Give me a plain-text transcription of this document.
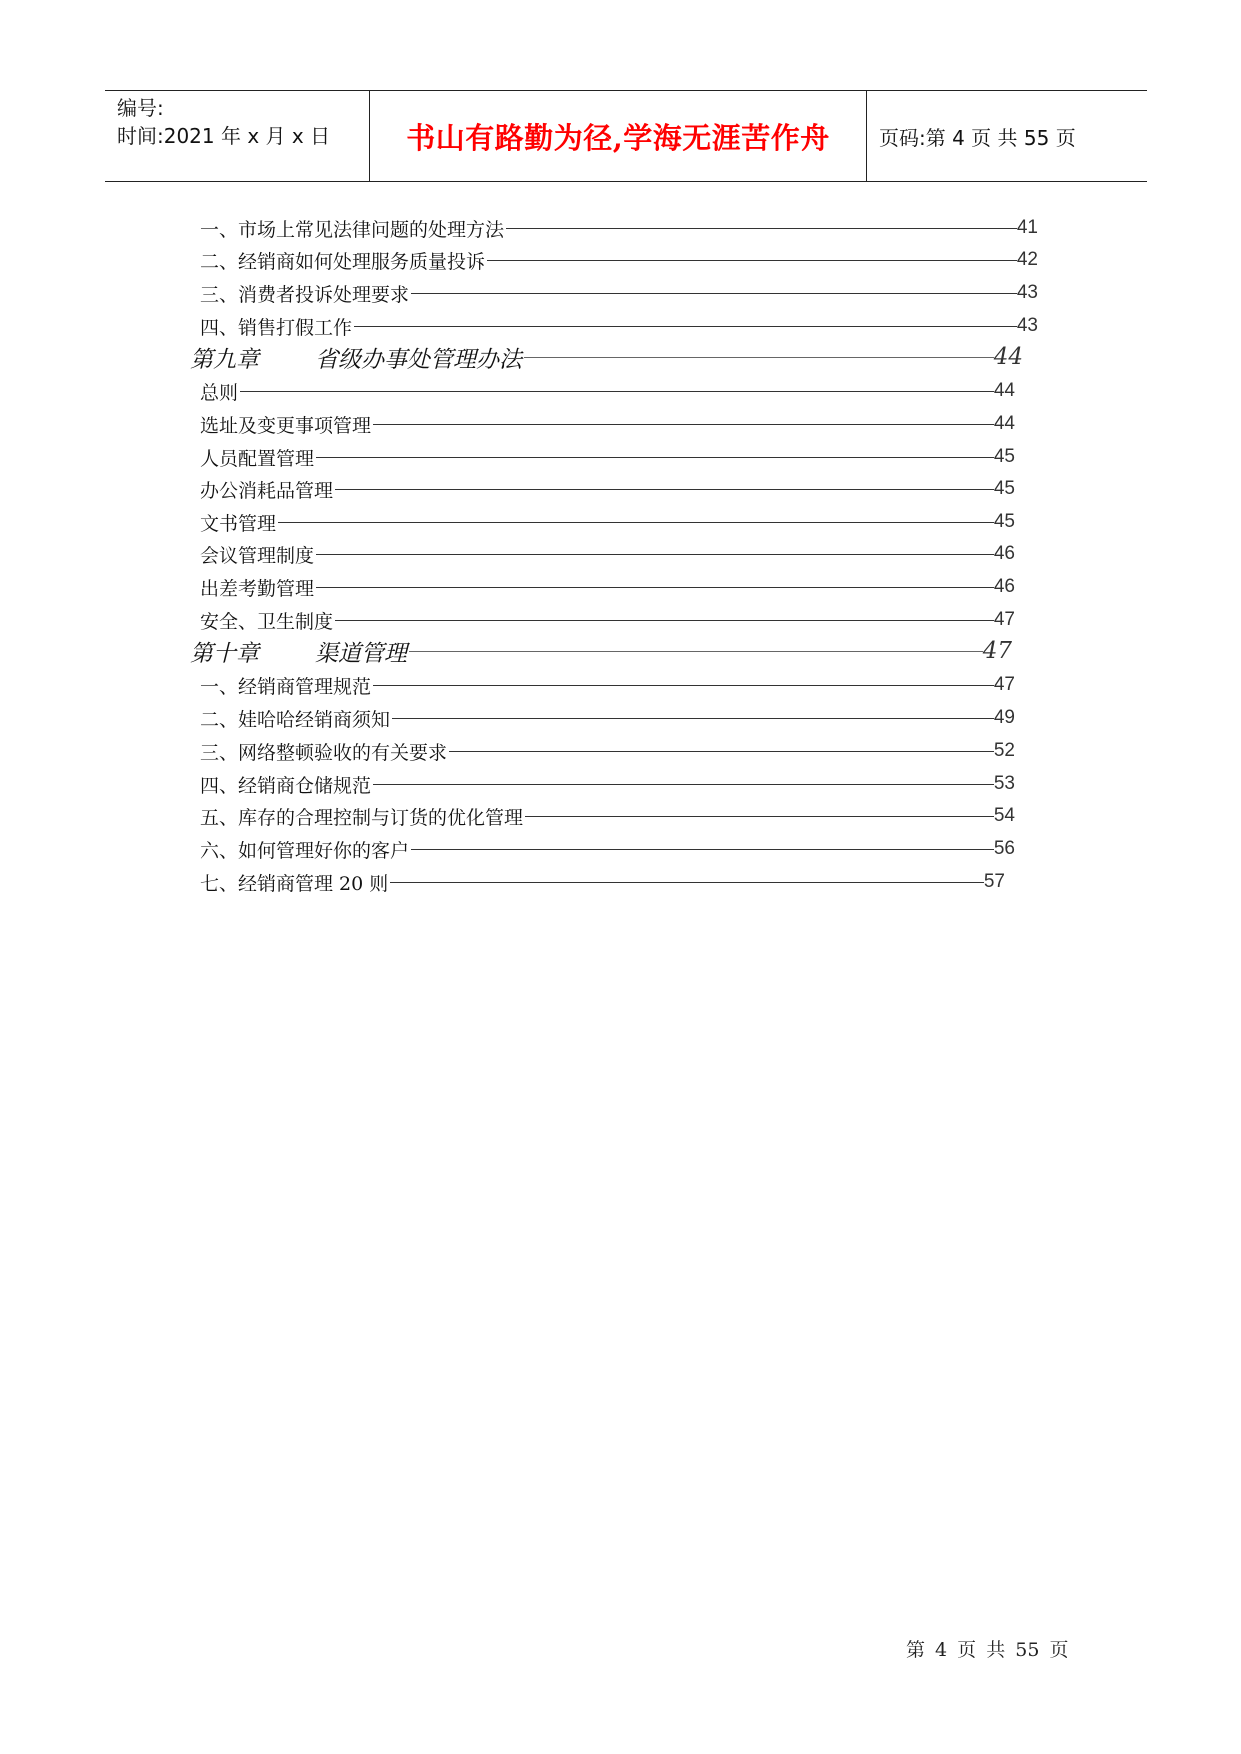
编号:
时间:2021 年 x 月 x 日	书山有路勤为径,学海无涯苦作舟 页码:第 4 页 共 55 页
一、市场上常见法律问题的处理方法	41
二、经销商如何处理服务质量投诉	42
三、消费者投诉处理要求	43
四、销售打假工作	43
第九章 省级办事处管理办法	44
总则	44
选址及变更事项管理	44
人员配置管理	45
办公消耗品管理	45
文书管理	45
会议管理制度	46
出差考勤管理	46
安全、卫生制度	47
第十章 渠道管理	47
一、经销商管理规范	47
二、娃哈哈经销商须知	49
三、网络整顿验收的有关要求	52
四、经销商仓储规范	53
五、库存的合理控制与订货的优化管理	54
六、如何管理好你的客户	56
七、经销商管理 20 则	57
第 4 页 共 55 页
